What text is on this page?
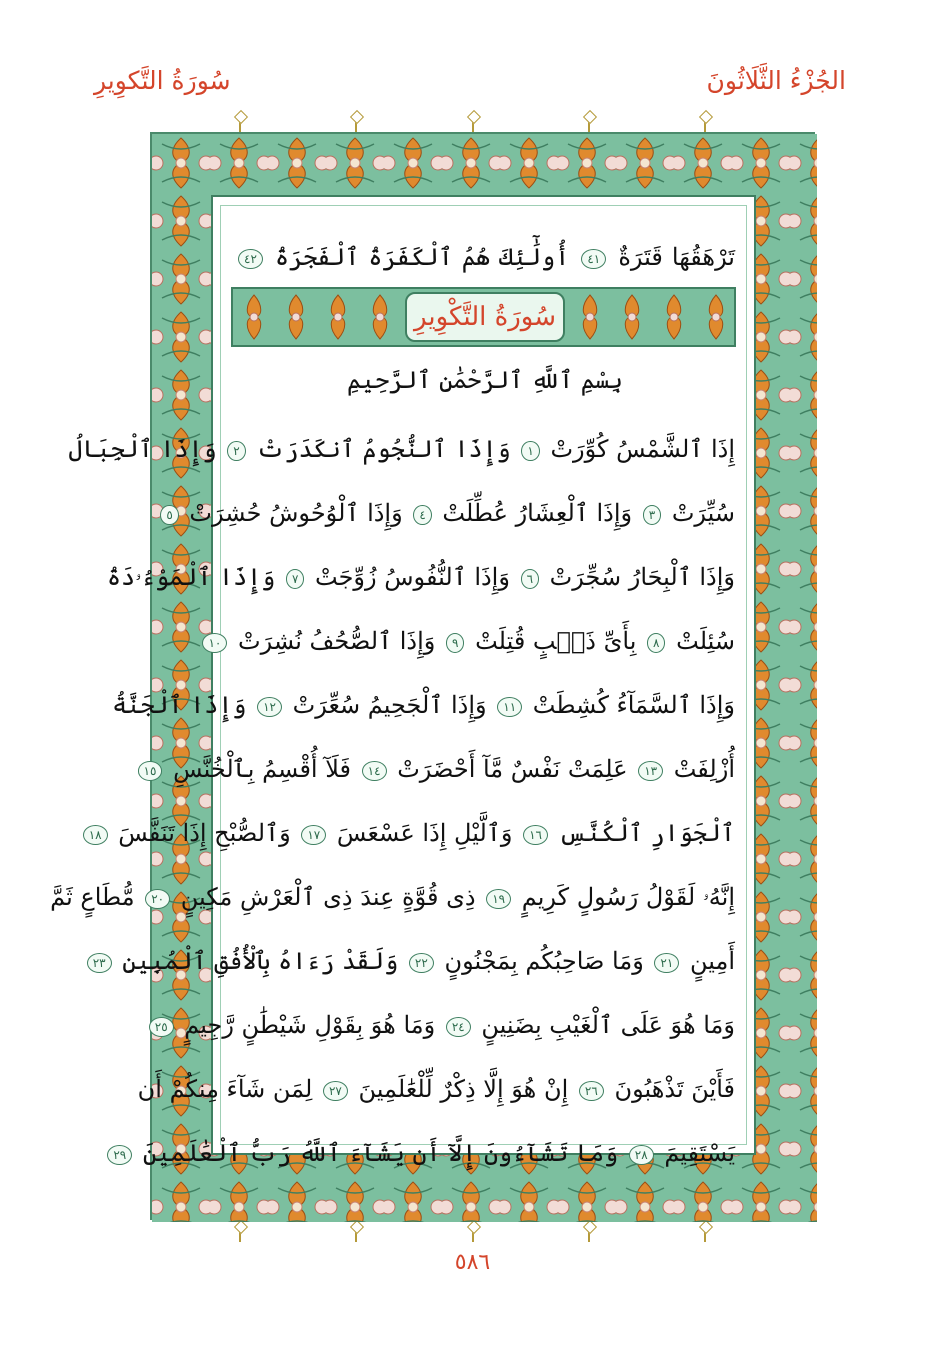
سُورَةُ التَّكوِيرِ	الجُزْءُ الثَّلَاثُونَ
سُورَةُ التَّكْوِيرِ
بِسْمِ ٱللَّهِ ٱلرَّحْمَٰنِ ٱلرَّحِيمِ
تَرْهَقُهَا قَتَرَةٌ ٤١ أُولَٰٓئِكَ هُمُ ٱلْكَفَرَةُ ٱلْفَجَرَةُ ٤٢
إِذَا ٱلشَّمْسُ كُوِّرَتْ ١ وَإِذَا ٱلنُّجُومُ ٱنكَدَرَتْ ٢ وَإِذَا ٱلْجِبَالُ
سُيِّرَتْ ٣ وَإِذَا ٱلْعِشَارُ عُطِّلَتْ ٤ وَإِذَا ٱلْوُحُوشُ حُشِرَتْ ٥
وَإِذَا ٱلْبِحَارُ سُجِّرَتْ ٦ وَإِذَا ٱلنُّفُوسُ زُوِّجَتْ ٧ وَإِذَا ٱلْمَوْءُۥدَةُ
سُئِلَتْ ٨ بِأَىِّ ذَنۢبٍ قُتِلَتْ ٩ وَإِذَا ٱلصُّحُفُ نُشِرَتْ ١٠
وَإِذَا ٱلسَّمَآءُ كُشِطَتْ ١١ وَإِذَا ٱلْجَحِيمُ سُعِّرَتْ ١٢ وَإِذَا ٱلْجَنَّةُ
أُزْلِفَتْ ١٣ عَلِمَتْ نَفْسٌ مَّآ أَحْضَرَتْ ١٤ فَلَآ أُقْسِمُ بِٱلْخُنَّسِ ١٥
ٱلْجَوَارِ ٱلْكُنَّسِ ١٦ وَٱلَّيْلِ إِذَا عَسْعَسَ ١٧ وَٱلصُّبْحِ إِذَا تَنَفَّسَ ١٨
إِنَّهُۥ لَقَوْلُ رَسُولٍ كَرِيمٍ ١٩ ذِى قُوَّةٍ عِندَ ذِى ٱلْعَرْشِ مَكِينٍ ٢٠ مُّطَاعٍ ثَمَّ
أَمِينٍ ٢١ وَمَا صَاحِبُكُم بِمَجْنُونٍ ٢٢ وَلَقَدْ رَءَاهُ بِٱلْأُفُقِ ٱلْمُبِينِ ٢٣
وَمَا هُوَ عَلَى ٱلْغَيْبِ بِضَنِينٍ ٢٤ وَمَا هُوَ بِقَوْلِ شَيْطَٰنٍ رَّجِيمٍ ٢٥
فَأَيْنَ تَذْهَبُونَ ٢٦ إِنْ هُوَ إِلَّا ذِكْرٌ لِّلْعَٰلَمِينَ ٢٧ لِمَن شَآءَ مِنكُمْ أَن
يَسْتَقِيمَ ٢٨ وَمَا تَشَآءُونَ إِلَّآ أَن يَشَآءَ ٱللَّهُ رَبُّ ٱلْعَٰلَمِينَ ٢٩
٥٨٦
